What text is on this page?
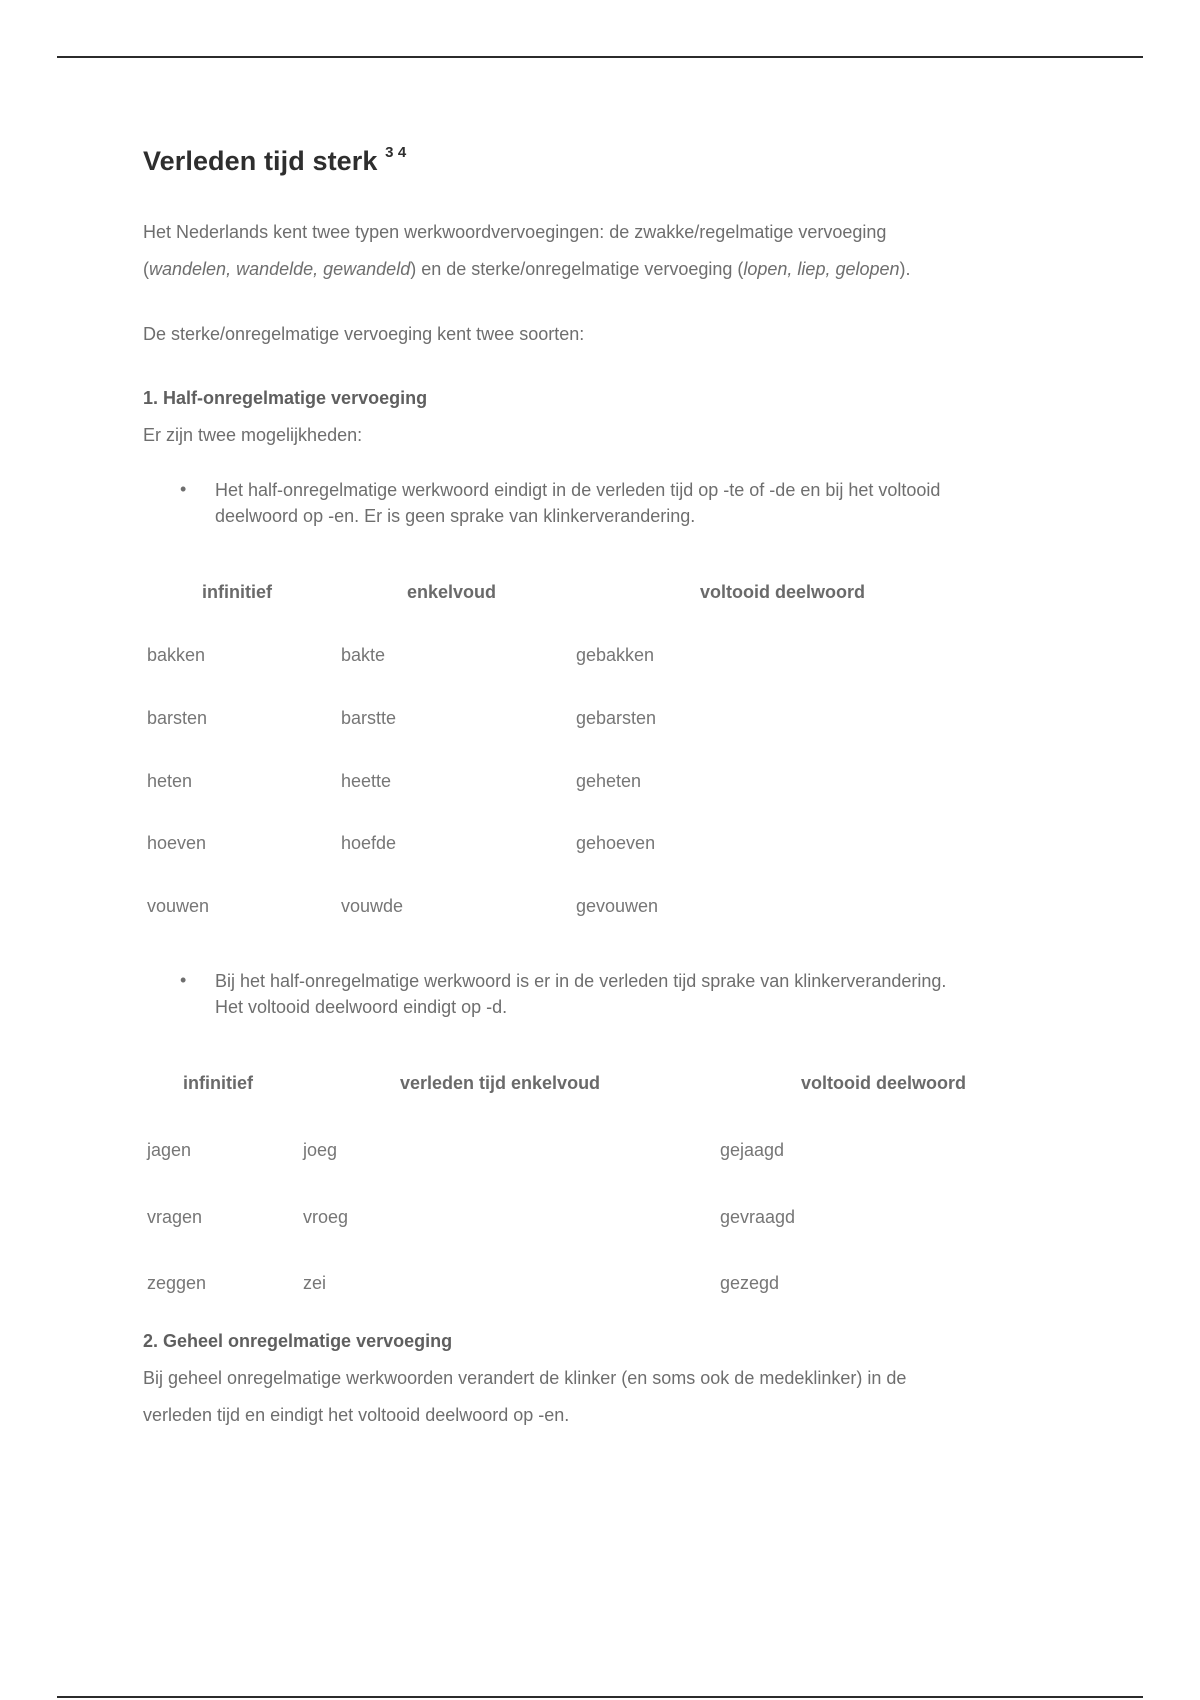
Verleden tijd sterk $^{3 4}$
Het Nederlands kent twee typen werkwoordvervoegingen: de zwakke/regelmatige vervoeging
(wandelen, wandelde, gewandeld) en de sterke/onregelmatige vervoeging (lopen, liep, gelopen).
De sterke/onregelmatige vervoeging kent twee soorten:
1. Half-onregelmatige vervoeging
Er zijn twee mogelijkheden:
• Het half-onregelmatige werkwoord eindigt in de verleden tijd op -te of -de en bij het voltooid
deelwoord op -en. Er is geen sprake van klinkerverandering.
infinitief	enkelvoud	voltooid deelwoord
bakken	bakte	gebakken
barsten	barstte	gebarsten
heten	heette	geheten
hoeven	hoefde	gehoeven
vouwen	vouwde	gevouwen
• Bij het half-onregelmatige werkwoord is er in de verleden tijd sprake van klinkerverandering.
Het voltooid deelwoord eindigt op -d.
infinitief	verleden tijd enkelvoud	voltooid deelwoord
jagen	joeg	gejaagd
vragen	vroeg	gevraagd
zeggen	zei	gezegd
2. Geheel onregelmatige vervoeging
Bij geheel onregelmatige werkwoorden verandert de klinker (en soms ook de medeklinker) in de
verleden tijd en eindigt het voltooid deelwoord op -en.
